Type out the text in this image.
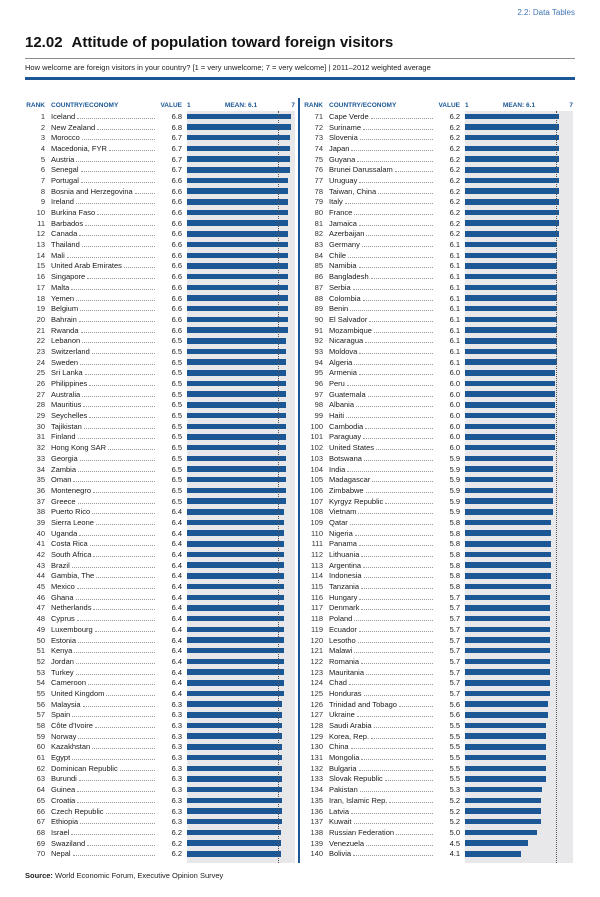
2.2: Data Tables
12.02 Attitude of population toward foreign visitors
How welcome are foreign visitors in your country? [1 = very unwelcome; 7 = very welcome] | 2011–2012 weighted average
RANK COUNTRY/ECONOMY	VALUE 1	MEAN: 6.1	7
1 Iceland	6.8
2 New Zealand	6.8
3 Morocco	6.7
4 Macedonia, FYR	6.7
5 Austria	6.7
6 Senegal	6.7
7 Portugal	6.6
8 Bosnia and Herzegovina	6.6
9 Ireland	6.6
10 Burkina Faso	6.6
11 Barbados	6.6
12 Canada	6.6
13 Thailand	6.6
14 Mali	6.6
15 United Arab Emirates	6.6
16 Singapore	6.6
17 Malta	6.6
18 Yemen	6.6
19 Belgium	6.6
20 Bahrain	6.6
21 Rwanda	6.6
22 Lebanon	6.5
23 Switzerland	6.5
24 Sweden	6.5
25 Sri Lanka	6.5
26 Philippines	6.5
27 Australia	6.5
28 Mauritius	6.5
29 Seychelles	6.5
30 Tajikistan	6.5
31 Finland	6.5
32 Hong Kong SAR	6.5
33 Georgia	6.5
34 Zambia	6.5
35 Oman	6.5
36 Montenegro	6.5
37 Greece	6.5
38 Puerto Rico	6.4
39 Sierra Leone	6.4
40 Uganda	6.4
41 Costa Rica	6.4
42 South Africa	6.4
43 Brazil	6.4
44 Gambia, The	6.4
45 Mexico	6.4
46 Ghana	6.4
47 Netherlands	6.4
48 Cyprus	6.4
49 Luxembourg	6.4
50 Estonia	6.4
51 Kenya	6.4
52 Jordan	6.4
53 Turkey	6.4
54 Cameroon	6.4
55 United Kingdom	6.4
56 Malaysia	6.3
57 Spain	6.3
58 Côte d'Ivoire	6.3
59 Norway	6.3
60 Kazakhstan	6.3
61 Egypt	6.3
62 Dominican Republic	6.3
63 Burundi	6.3
64 Guinea	6.3
65 Croatia	6.3
66 Czech Republic	6.3
67 Ethiopia	6.3
68 Israel	6.2
69 Swaziland	6.2
70 Nepal	6.2
RANK COUNTRY/ECONOMY	VALUE 1	MEAN: 6.1	7
71 Cape Verde	6.2
72 Suriname	6.2
73 Slovenia	6.2
74 Japan	6.2
75 Guyana	6.2
76 Brunei Darussalam	6.2
77 Uruguay	6.2
78 Taiwan, China	6.2
79 Italy	6.2
80 France	6.2
81 Jamaica	6.2
82 Azerbaijan	6.2
83 Germany	6.1
84 Chile	6.1
85 Namibia	6.1
86 Bangladesh	6.1
87 Serbia	6.1
88 Colombia	6.1
89 Benin	6.1
90 El Salvador	6.1
91 Mozambique	6.1
92 Nicaragua	6.1
93 Moldova	6.1
94 Algeria	6.1
95 Armenia	6.0
96 Peru	6.0
97 Guatemala	6.0
98 Albania	6.0
99 Haiti	6.0
100 Cambodia	6.0
101 Paraguay	6.0
102 United States	6.0
103 Botswana	5.9
104 India	5.9
105 Madagascar	5.9
106 Zimbabwe	5.9
107 Kyrgyz Republic	5.9
108 Vietnam	5.9
109 Qatar	5.8
110 Nigeria	5.8
111 Panama	5.8
112 Lithuania	5.8
113 Argentina	5.8
114 Indonesia	5.8
115 Tanzania	5.8
116 Hungary	5.7
117 Denmark	5.7
118 Poland	5.7
119 Ecuador	5.7
120 Lesotho	5.7
121 Malawi	5.7
122 Romania	5.7
123 Mauritania	5.7
124 Chad	5.7
125 Honduras	5.7
126 Trinidad and Tobago	5.6
127 Ukraine	5.6
128 Saudi Arabia	5.5
129 Korea, Rep.	5.5
130 China	5.5
131 Mongolia	5.5
132 Bulgaria	5.5
133 Slovak Republic	5.5
134 Pakistan	5.3
135 Iran, Islamic Rep.	5.2
136 Latvia	5.2
137 Kuwait	5.2
138 Russian Federation	5.0
139 Venezuela	4.5
140 Bolivia	4.1
Source: World Economic Forum, Executive Opinion Survey
